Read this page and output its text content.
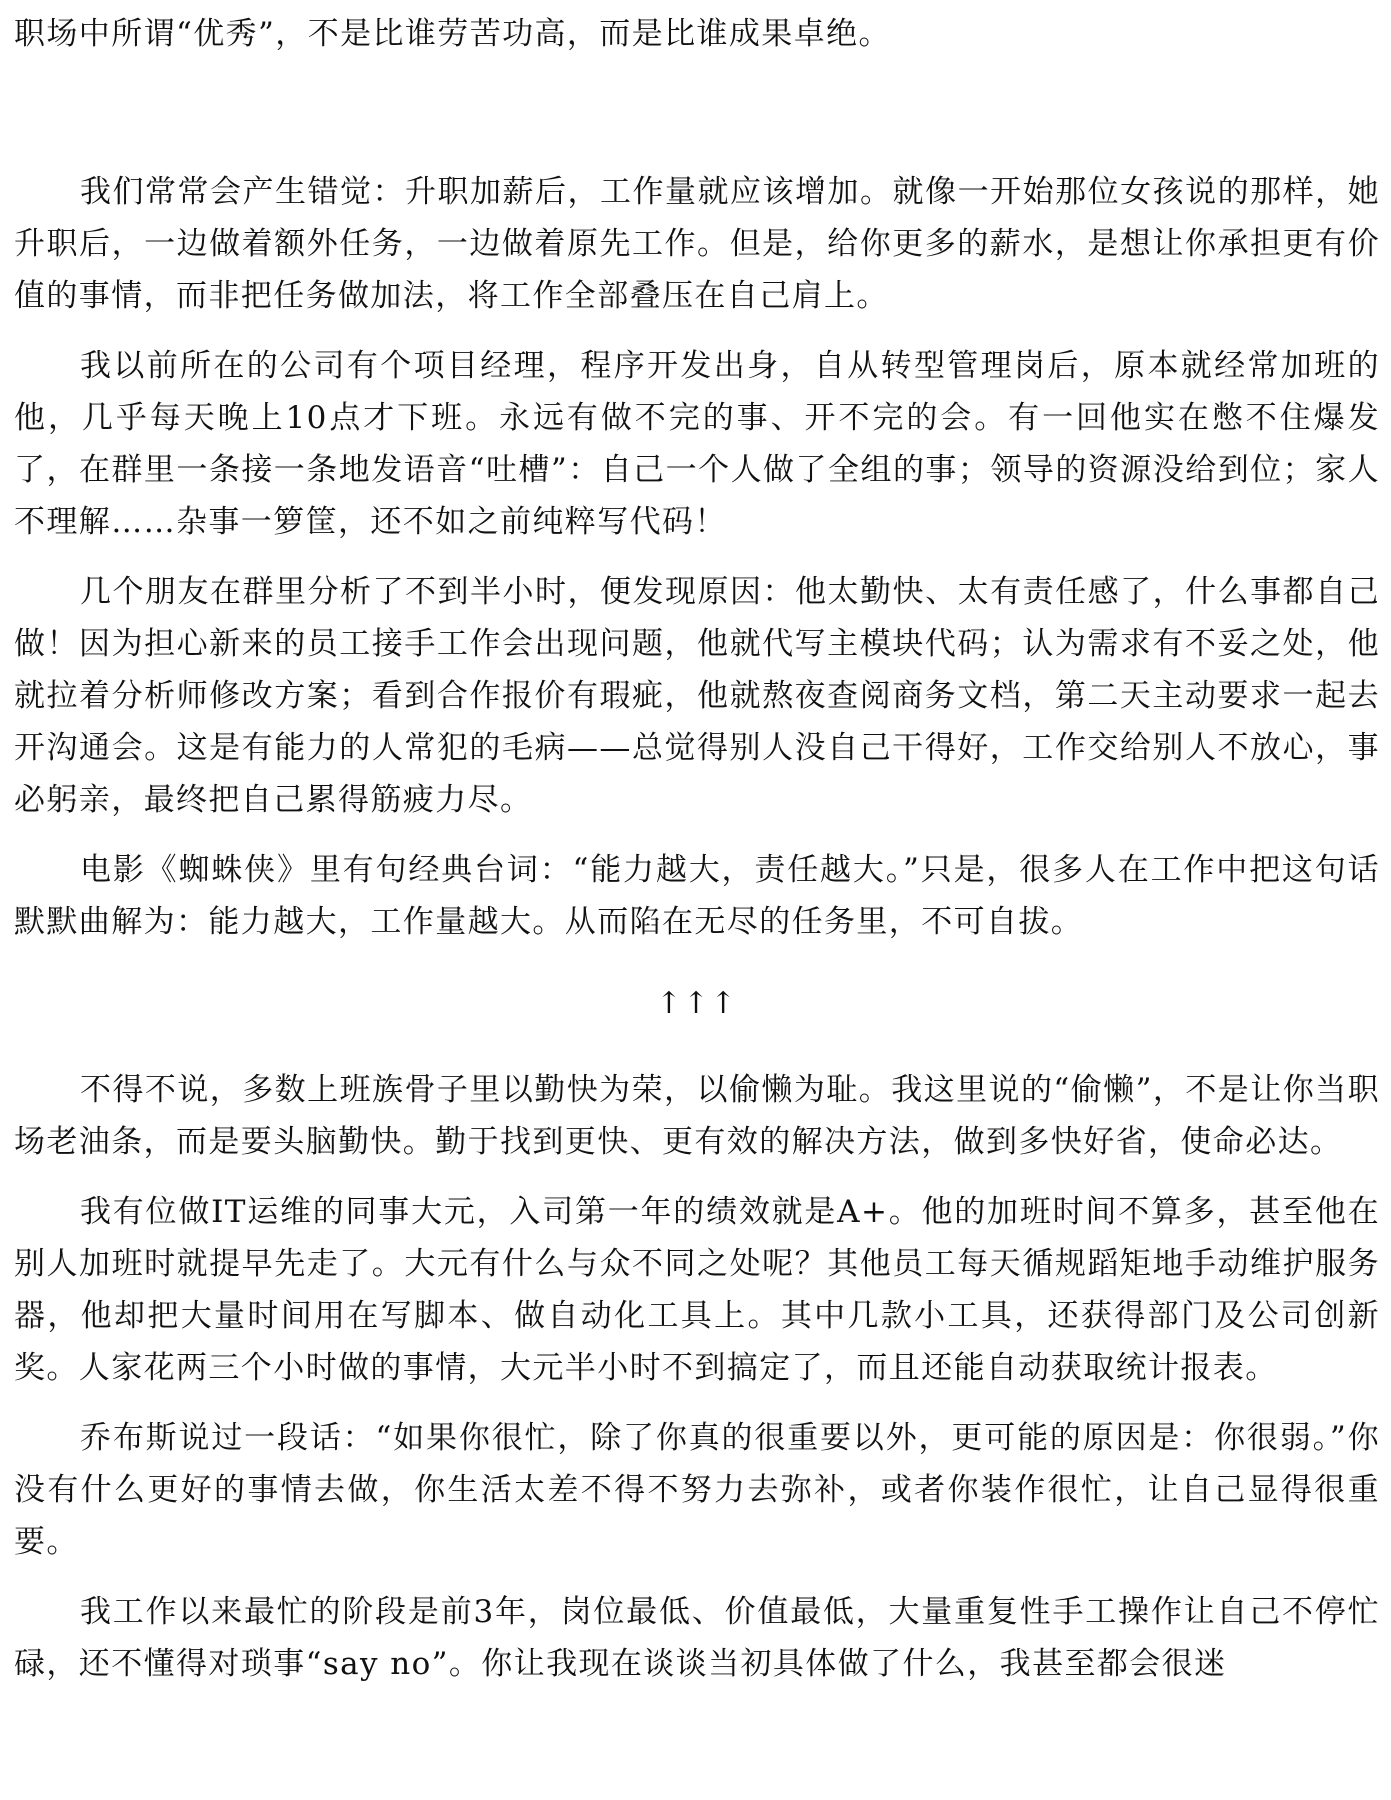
职场中所谓“优秀”，不是比谁劳苦功高，而是比谁成果卓绝。

我们常常会产生错觉：升职加薪后，工作量就应该增加。就像一开始那位女孩说的那样，她升职后，一边做着额外任务，一边做着原先工作。但是，给你更多的薪水，是想让你承担更有价值的事情，而非把任务做加法，将工作全部叠压在自己肩上。

我以前所在的公司有个项目经理，程序开发出身，自从转型管理岗后，原本就经常加班的他，几乎每天晚上10点才下班。永远有做不完的事、开不完的会。有一回他实在憋不住爆发了，在群里一条接一条地发语音“吐槽”：自己一个人做了全组的事；领导的资源没给到位；家人不理解……杂事一箩筐，还不如之前纯粹写代码！

几个朋友在群里分析了不到半小时，便发现原因：他太勤快、太有责任感了，什么事都自己做！因为担心新来的员工接手工作会出现问题，他就代写主模块代码；认为需求有不妥之处，他就拉着分析师修改方案；看到合作报价有瑕疵，他就熬夜查阅商务文档，第二天主动要求一起去开沟通会。这是有能力的人常犯的毛病——总觉得别人没自己干得好，工作交给别人不放心，事必躬亲，最终把自己累得筋疲力尽。

电影《蜘蛛侠》里有句经典台词：“能力越大，责任越大。”只是，很多人在工作中把这句话默默曲解为：能力越大，工作量越大。从而陷在无尽的任务里，不可自拔。

↑↑↑

不得不说，多数上班族骨子里以勤快为荣，以偷懒为耻。我这里说的“偷懒”，不是让你当职场老油条，而是要头脑勤快。勤于找到更快、更有效的解决方法，做到多快好省，使命必达。

我有位做IT运维的同事大元，入司第一年的绩效就是A+。他的加班时间不算多，甚至他在别人加班时就提早先走了。大元有什么与众不同之处呢？其他员工每天循规蹈矩地手动维护服务器，他却把大量时间用在写脚本、做自动化工具上。其中几款小工具，还获得部门及公司创新奖。人家花两三个小时做的事情，大元半小时不到搞定了，而且还能自动获取统计报表。

乔布斯说过一段话：“如果你很忙，除了你真的很重要以外，更可能的原因是：你很弱。”你没有什么更好的事情去做，你生活太差不得不努力去弥补，或者你装作很忙，让自己显得很重要。

我工作以来最忙的阶段是前3年，岗位最低、价值最低，大量重复性手工操作让自己不停忙碌，还不懂得对琐事“say no”。你让我现在谈谈当初具体做了什么，我甚至都会很迷
